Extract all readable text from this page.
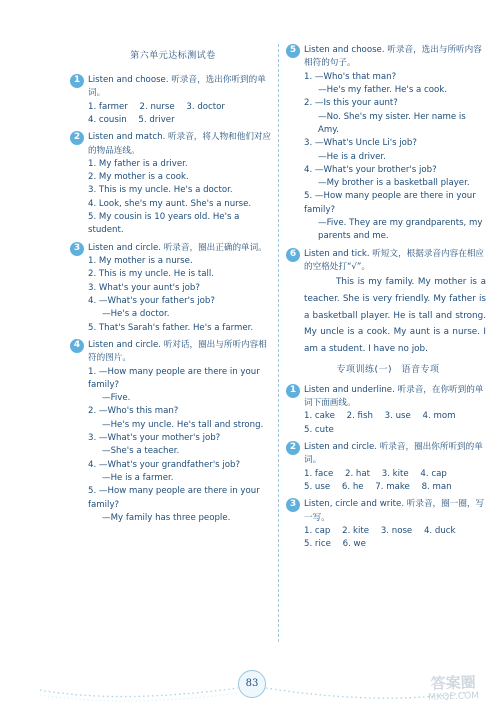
第六单元达标测试卷
1 Listen and choose. 听录音，选出你听到的单词。
1. farmer 2. nurse 3. doctor
4. cousin 5. driver
2 Listen and match. 听录音，将人物和他们对应的物品连线。
1. My father is a driver.
2. My mother is a cook.
3. This is my uncle. He's a doctor.
4. Look, she's my aunt. She's a nurse.
5. My cousin is 10 years old. He's a student.
3 Listen and circle. 听录音，圈出正确的单词。
1. My mother is a nurse.
2. This is my uncle. He is tall.
3. What's your aunt's job?
4. —What's your father's job?
—He's a doctor.
5. That's Sarah's father. He's a farmer.
4 Listen and circle. 听对话，圈出与所听内容相符的图片。
1. —How many people are there in your family?
—Five.
2. —Who's this man?
—He's my uncle. He's tall and strong.
3. —What's your mother's job?
—She's a teacher.
4. —What's your grandfather's job?
—He is a farmer.
5. —How many people are there in your family?
—My family has three people.
5 Listen and choose. 听录音，选出与所听内容相符的句子。
1. —Who's that man?
—He's my father. He's a cook.
2. —Is this your aunt?
—No. She's my sister. Her name is Amy.
3. —What's Uncle Li's job?
—He is a driver.
4. —What's your brother's job?
—My brother is a basketball player.
5. —How many people are there in your family?
—Five. They are my grandparents, my parents and me.
6 Listen and tick. 听短文，根据录音内容在相应的空格处打“√”。
This is my family. My mother is a teacher. She is very friendly. My father is a basketball player. He is tall and strong. My uncle is a cook. My aunt is a nurse. I am a student. I have no job.
专项训练(一)　语音专项
1 Listen and underline. 听录音，在你听到的单词下面画线。
1. cake 2. fish 3. use 4. mom
5. cute
2 Listen and circle. 听录音，圈出你所听到的单词。
1. face 2. hat 3. kite 4. cap
5. use 6. he 7. make 8. man
3 Listen, circle and write. 听录音，圈一圈，写一写。
1. cap 2. kite 3. nose 4. duck
5. rice 6. we
83	答案圈
MXQE.COM
